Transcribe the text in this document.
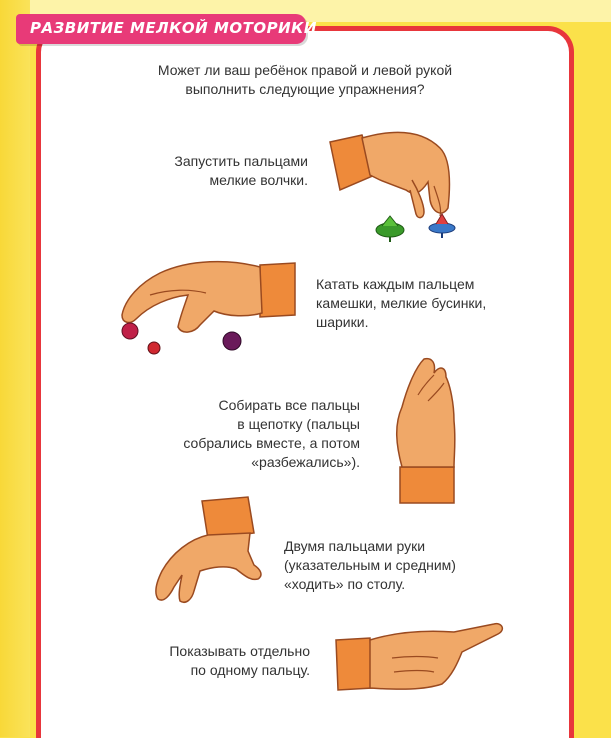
РАЗВИТИЕ МЕЛКОЙ МОТОРИКИ
Может ли ваш ребёнок правой и левой рукой
выполнить следующие упражнения?
Запустить пальцами
мелкие волчки.
Катать каждым пальцем
камешки, мелкие бусинки,
шарики.
Собирать все пальцы
в щепотку (пальцы
собрались вместе, а потом
«разбежались»).
Двумя пальцами руки
(указательным и средним)
«ходить» по столу.
Показывать отдельно
по одному пальцу.
